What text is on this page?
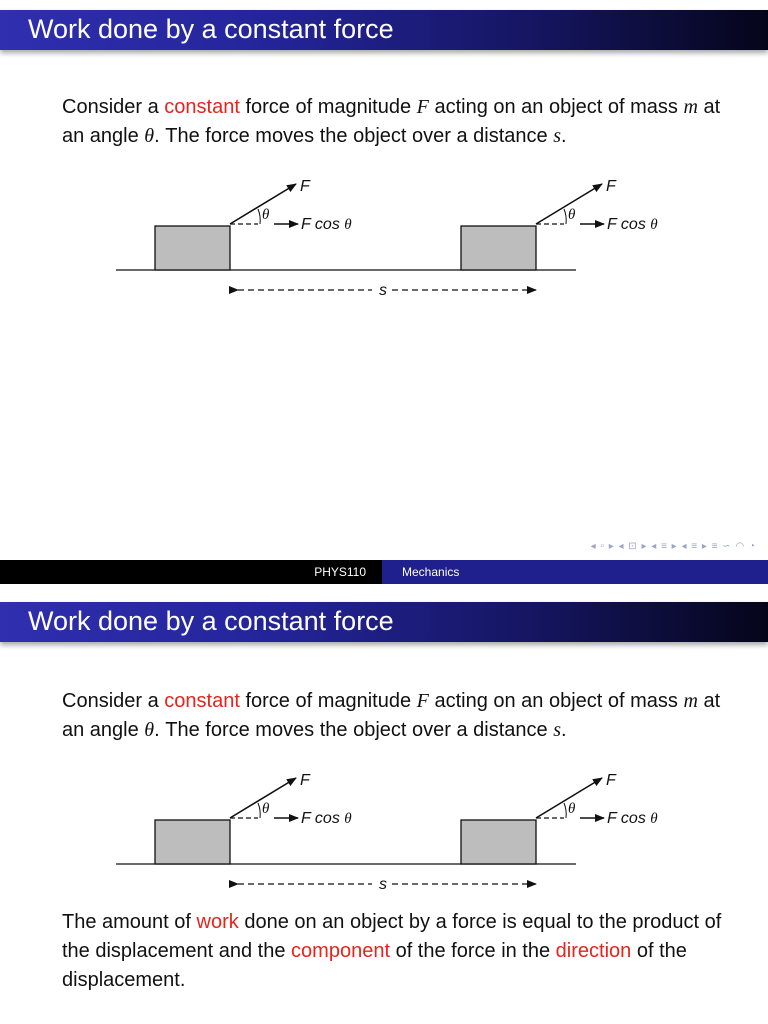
Work done by a constant force
Consider a constant force of magnitude F acting on an object of mass m at an angle θ. The force moves the object over a distance s.
F
θ
F cos θ
F
θ
F cos θ
s
◂ ▫ ▸ ◂ ⊡ ▸ ◂ ≡ ▸ ◂ ≡ ▸ ≡ ∽ ◠ ◔
PHYS110	Mechanics
Work done by a constant force
Consider a constant force of magnitude F acting on an object of mass m at an angle θ. The force moves the object over a distance s.
F
θ
F cos θ
F
θ
F cos θ
s
The amount of work done on an object by a force is equal to the product of the displacement and the component of the force in the direction of the displacement.
